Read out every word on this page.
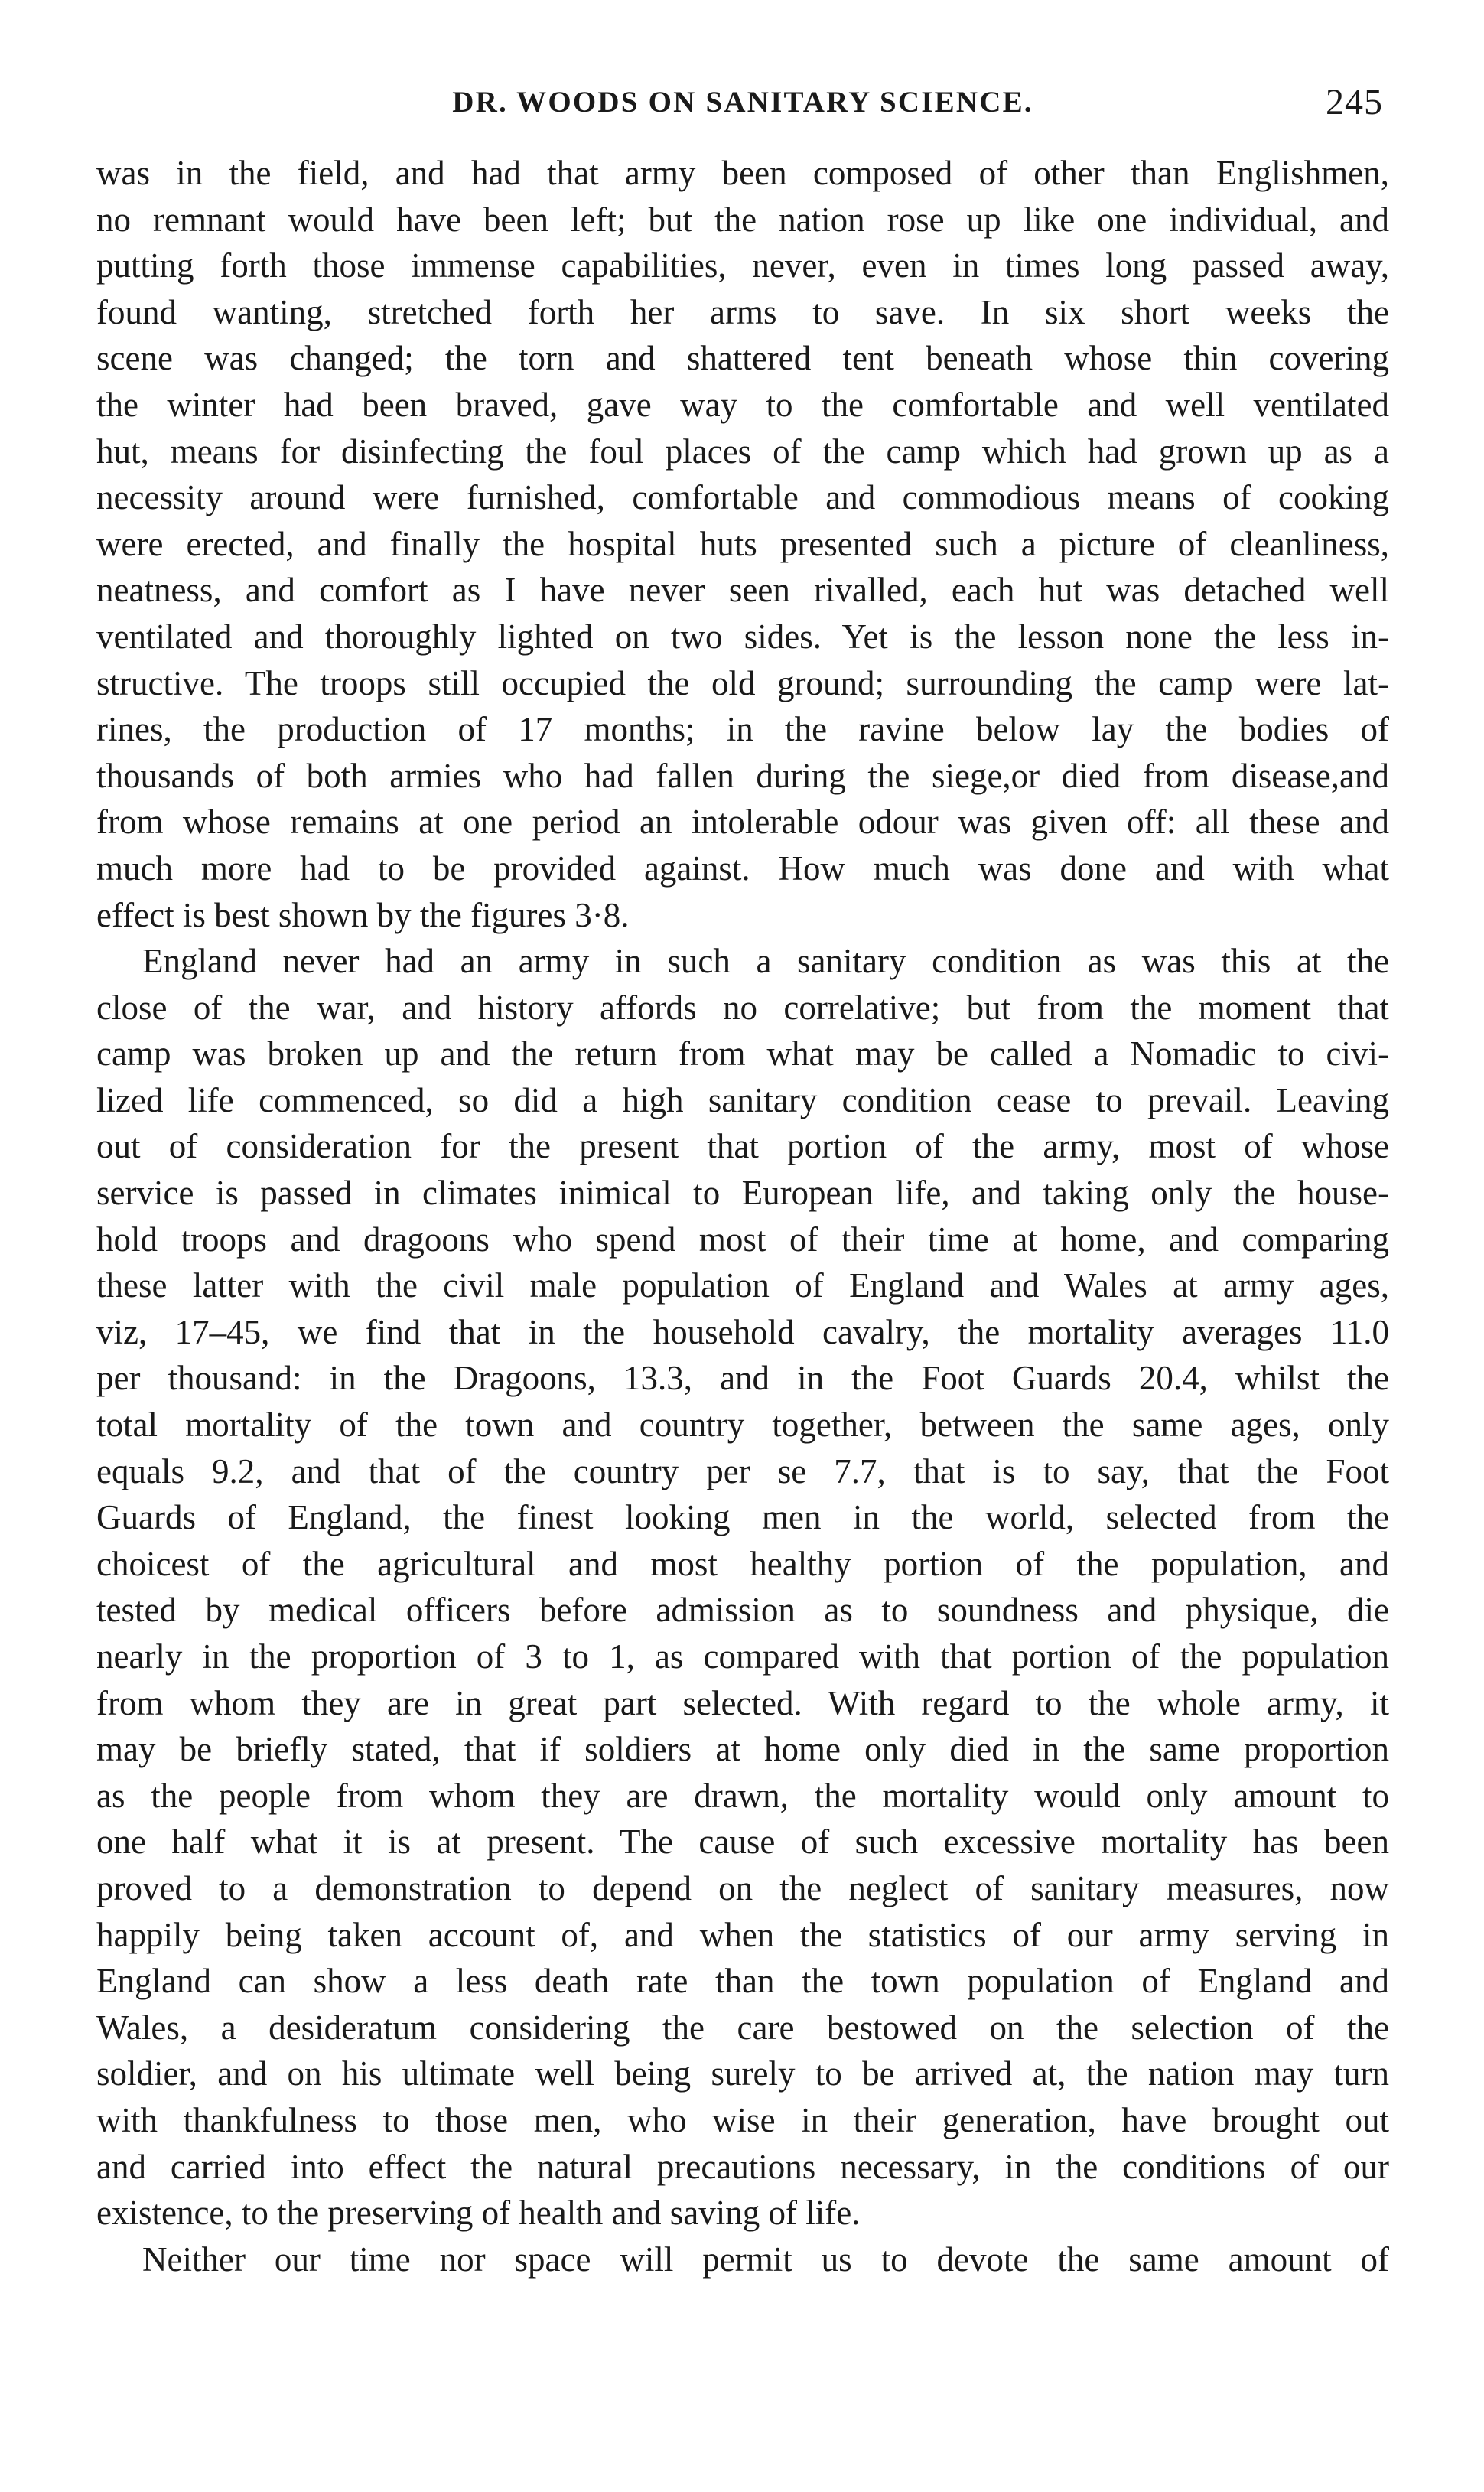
DR. WOODS ON SANITARY SCIENCE.	245
was in the field, and had that army been composed of other than Englishmen,
no remnant would have been left; but the nation rose up like one individual, and
putting forth those immense capabilities, never, even in times long passed away,
found wanting, stretched forth her arms to save. In six short weeks the
scene was changed; the torn and shattered tent beneath whose thin covering
the winter had been braved, gave way to the comfortable and well ventilated
hut, means for disinfecting the foul places of the camp which had grown up as a
necessity around were furnished, comfortable and commodious means of cooking
were erected, and finally the hospital huts presented such a picture of cleanliness,
neatness, and comfort as I have never seen rivalled, each hut was detached well
ventilated and thoroughly lighted on two sides. Yet is the lesson none the less in-
structive. The troops still occupied the old ground; surrounding the camp were lat-
rines, the production of 17 months; in the ravine below lay the bodies of
thousands of both armies who had fallen during the siege,or died from disease,and
from whose remains at one period an intolerable odour was given off: all these and
much more had to be provided against. How much was done and with what
effect is best shown by the figures 3·8.
England never had an army in such a sanitary condition as was this at the
close of the war, and history affords no correlative; but from the moment that
camp was broken up and the return from what may be called a Nomadic to civi-
lized life commenced, so did a high sanitary condition cease to prevail. Leaving
out of consideration for the present that portion of the army, most of whose
service is passed in climates inimical to European life, and taking only the house-
hold troops and dragoons who spend most of their time at home, and comparing
these latter with the civil male population of England and Wales at army ages,
viz, 17–45, we find that in the household cavalry, the mortality averages 11.0
per thousand: in the Dragoons, 13.3, and in the Foot Guards 20.4, whilst the
total mortality of the town and country together, between the same ages, only
equals 9.2, and that of the country per se 7.7, that is to say, that the Foot
Guards of England, the finest looking men in the world, selected from the
choicest of the agricultural and most healthy portion of the population, and
tested by medical officers before admission as to soundness and physique, die
nearly in the proportion of 3 to 1, as compared with that portion of the population
from whom they are in great part selected. With regard to the whole army, it
may be briefly stated, that if soldiers at home only died in the same proportion
as the people from whom they are drawn, the mortality would only amount to
one half what it is at present. The cause of such excessive mortality has been
proved to a demonstration to depend on the neglect of sanitary measures, now
happily being taken account of, and when the statistics of our army serving in
England can show a less death rate than the town population of England and
Wales, a desideratum considering the care bestowed on the selection of the
soldier, and on his ultimate well being surely to be arrived at, the nation may turn
with thankfulness to those men, who wise in their generation, have brought out
and carried into effect the natural precautions necessary, in the conditions of our
existence, to the preserving of health and saving of life.
Neither our time nor space will permit us to devote the same amount of
